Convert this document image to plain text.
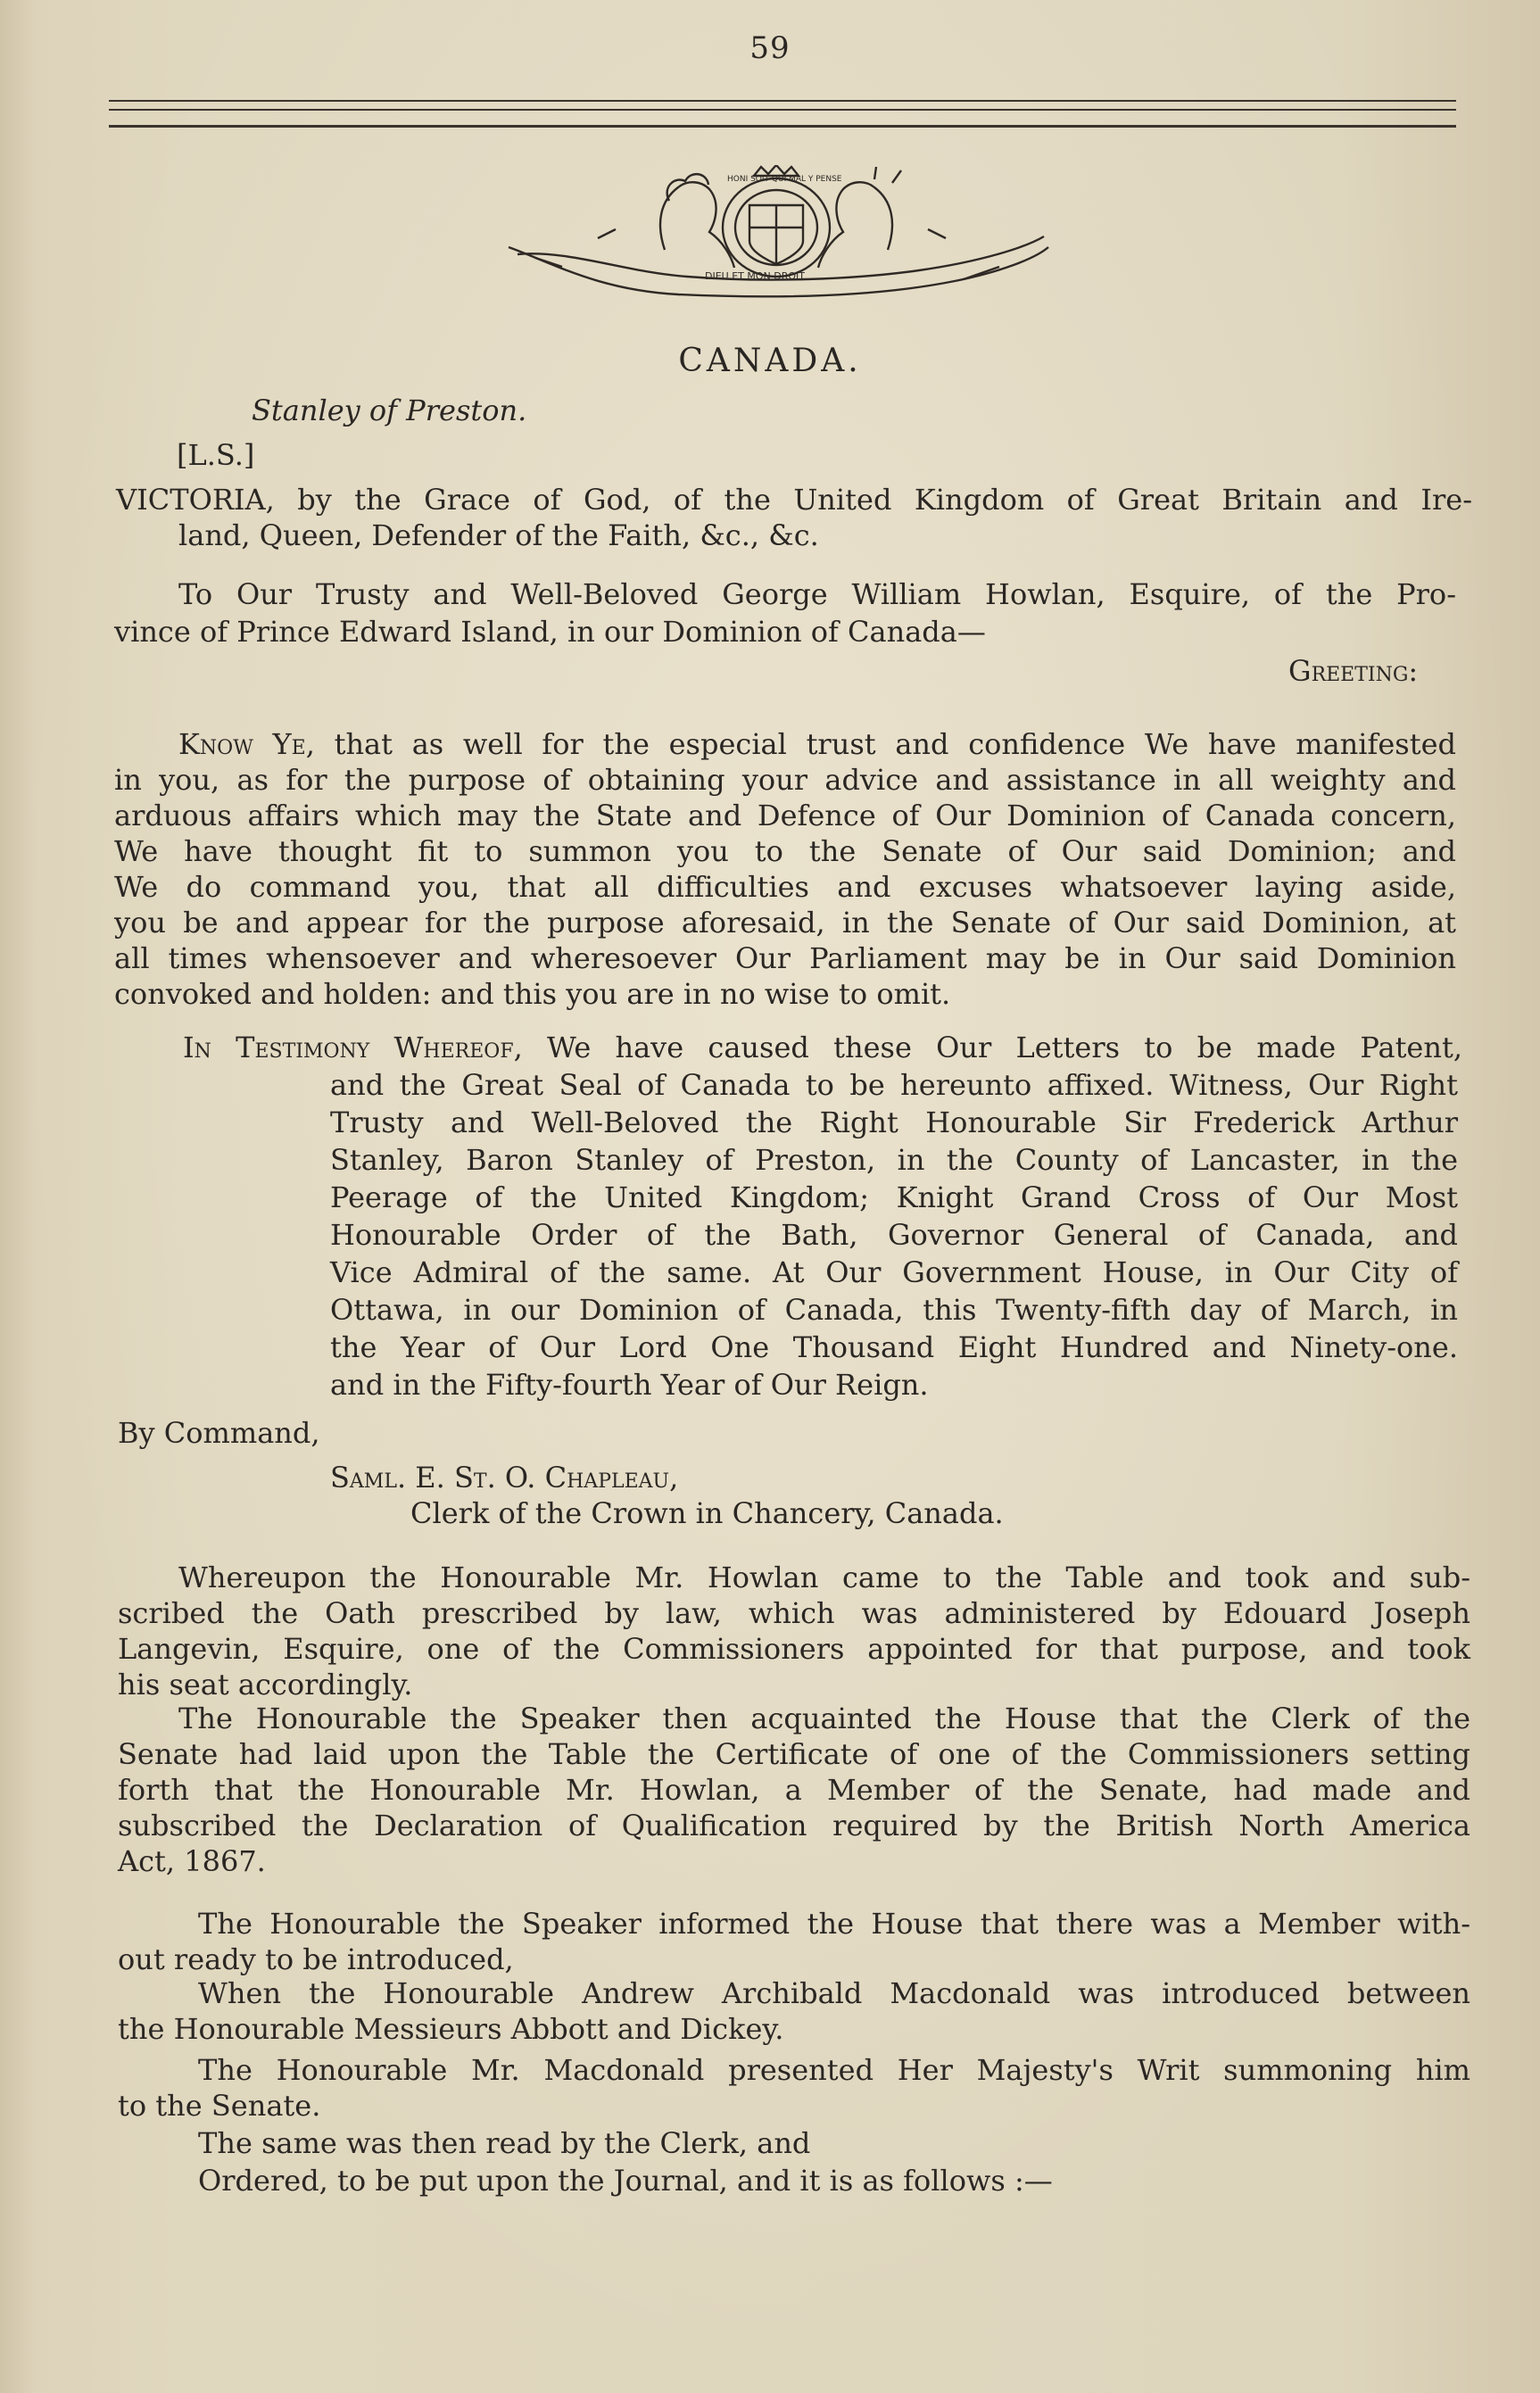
59
DIEU ET MON DROIT
HONI SOIT QUI MAL Y PENSE
CANADA.
Stanley of Preston.
[L.S.]
VICTORIA, by the Grace of God, of the United Kingdom of Great Britain and Ire-
land, Queen, Defender of the Faith, &c., &c.
To Our Trusty and Well-Beloved George William Howlan, Esquire, of the Pro-
vince of Prince Edward Island, in our Dominion of Canada—
Greeting:
Know Ye, that as well for the especial trust and confidence We have manifested
in you, as for the purpose of obtaining your advice and assistance in all weighty and
arduous affairs which may the State and Defence of Our Dominion of Canada concern,
We have thought fit to summon you to the Senate of Our said Dominion; and
We do command you, that all difficulties and excuses whatsoever laying aside,
you be and appear for the purpose aforesaid, in the Senate of Our said Dominion, at
all times whensoever and wheresoever Our Parliament may be in Our said Dominion
convoked and holden: and this you are in no wise to omit.
In Testimony Whereof, We have caused these Our Letters to be made Patent,
and the Great Seal of Canada to be hereunto affixed. Witness, Our Right
Trusty and Well-Beloved the Right Honourable Sir Frederick Arthur
Stanley, Baron Stanley of Preston, in the County of Lancaster, in the
Peerage of the United Kingdom; Knight Grand Cross of Our Most
Honourable Order of the Bath, Governor General of Canada, and
Vice Admiral of the same. At Our Government House, in Our City of
Ottawa, in our Dominion of Canada, this Twenty-fifth day of March, in
the Year of Our Lord One Thousand Eight Hundred and Ninety-one.
and in the Fifty-fourth Year of Our Reign.
By Command,
Saml. E. St. O. Chapleau,
Clerk of the Crown in Chancery, Canada.
Whereupon the Honourable Mr. Howlan came to the Table and took and sub-
scribed the Oath prescribed by law, which was administered by Edouard Joseph
Langevin, Esquire, one of the Commissioners appointed for that purpose, and took
his seat accordingly.
The Honourable the Speaker then acquainted the House that the Clerk of the
Senate had laid upon the Table the Certificate of one of the Commissioners setting
forth that the Honourable Mr. Howlan, a Member of the Senate, had made and
subscribed the Declaration of Qualification required by the British North America
Act, 1867.
The Honourable the Speaker informed the House that there was a Member with-
out ready to be introduced,
When the Honourable Andrew Archibald Macdonald was introduced between
the Honourable Messieurs Abbott and Dickey.
The Honourable Mr. Macdonald presented Her Majesty's Writ summoning him
to the Senate.
The same was then read by the Clerk, and
Ordered, to be put upon the Journal, and it is as follows :—
